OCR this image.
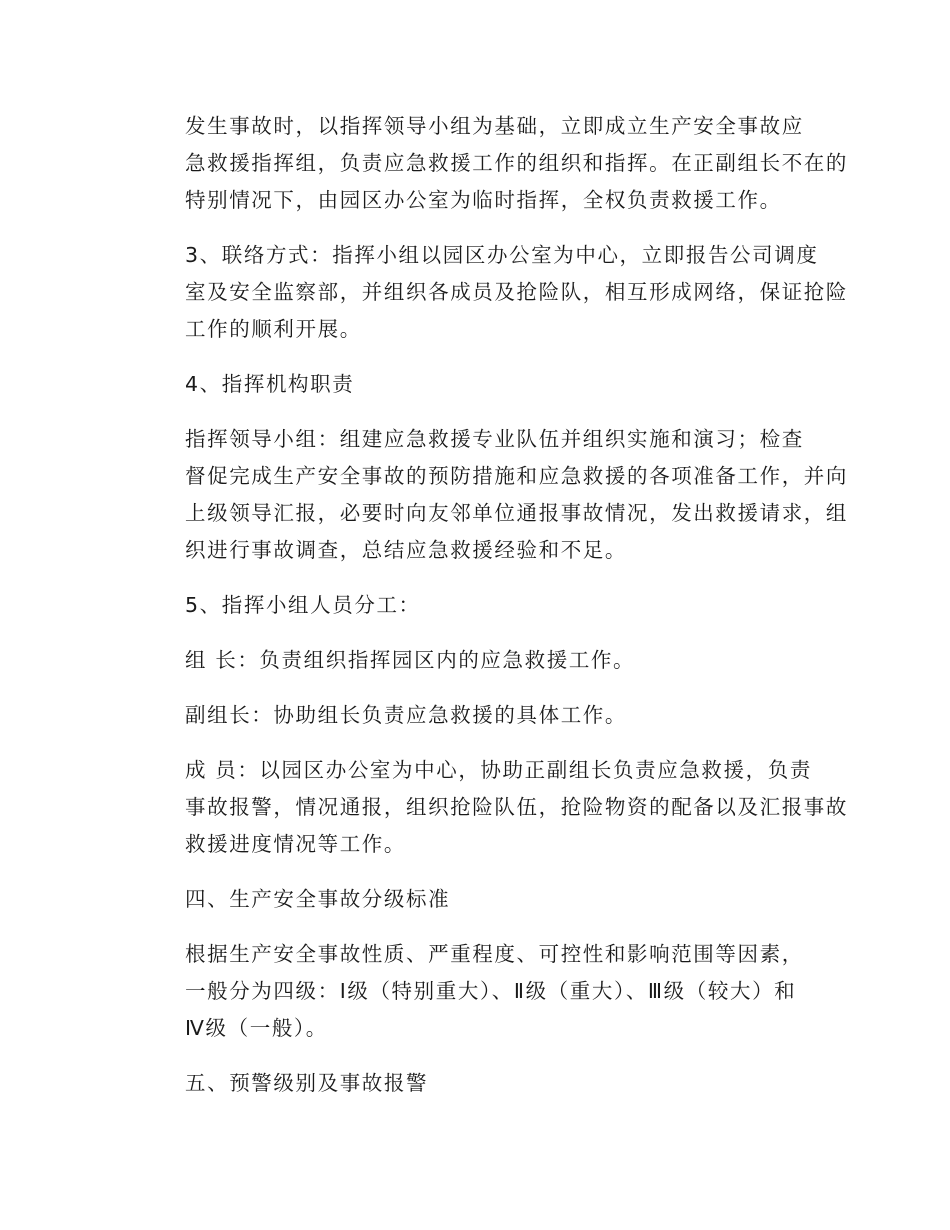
发生事故时，以指挥领导小组为基础，立即成立生产安全事故应
急救援指挥组，负责应急救援工作的组织和指挥。在正副组长不在的
特别情况下，由园区办公室为临时指挥，全权负责救援工作。

3、联络方式：指挥小组以园区办公室为中心，立即报告公司调度
室及安全监察部，并组织各成员及抢险队，相互形成网络，保证抢险
工作的顺利开展。

4、指挥机构职责

指挥领导小组：组建应急救援专业队伍并组织实施和演习；检查
督促完成生产安全事故的预防措施和应急救援的各项准备工作，并向
上级领导汇报，必要时向友邻单位通报事故情况，发出救援请求，组
织进行事故调查，总结应急救援经验和不足。

5、指挥小组人员分工：

组 长：负责组织指挥园区内的应急救援工作。

副组长：协助组长负责应急救援的具体工作。

成 员：以园区办公室为中心，协助正副组长负责应急救援，负责
事故报警，情况通报，组织抢险队伍，抢险物资的配备以及汇报事故
救援进度情况等工作。

四、生产安全事故分级标准

根据生产安全事故性质、严重程度、可控性和影响范围等因素，
一般分为四级：Ⅰ级（特别重大）、Ⅱ级（重大）、Ⅲ级（较大）和
Ⅳ级（一般）。

五、预警级别及事故报警
